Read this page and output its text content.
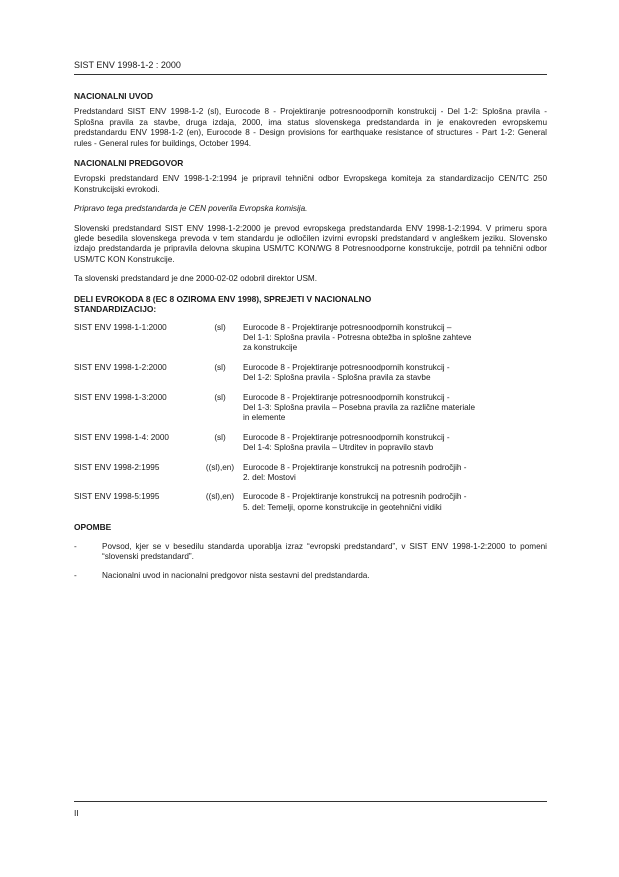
SIST ENV 1998-1-2 : 2000
NACIONALNI UVOD

Predstandard SIST ENV 1998-1-2 (sl), Eurocode 8 - Projektiranje potresnoodpornih konstrukcij - Del 1-2: Splošna pravila - Splošna pravila za stavbe, druga izdaja, 2000, ima status slovenskega predstandarda in je enakovreden evropskemu predstandardu ENV 1998-1-2 (en), Eurocode 8 - Design provisions for earthquake resistance of structures - Part 1-2: General rules - General rules for buildings, October 1994.

NACIONALNI PREDGOVOR

Evropski predstandard ENV 1998-1-2:1994 je pripravil tehnični odbor Evropskega komiteja za standardizacijo CEN/TC 250 Konstrukcijski evrokodi.

Pripravo tega predstandarda je CEN poverila Evropska komisija.

Slovenski predstandard SIST ENV 1998-1-2:2000 je prevod evropskega predstandarda ENV 1998-1-2:1994. V primeru spora glede besedila slovenskega prevoda v tem standardu je odločilen izvirni evropski predstandard v angleškem jeziku. Slovensko izdajo predstandarda je pripravila delovna skupina USM/TC KON/WG 8 Potresnoodporne konstrukcije, potrdil pa tehnični odbor USM/TC KON Konstrukcije.

Ta slovenski predstandard je dne 2000-02-02 odobril direktor USM.

DELI EVROKODA 8 (EC 8 OZIROMA ENV 1998), SPREJETI V NACIONALNO
STANDARDIZACIJO:
SIST ENV 1998-1-1:2000	(sl)	Eurocode 8 - Projektiranje potresnoodpornih konstrukcij –
Del 1-1: Splošna pravila - Potresna obtežba in splošne zahteve
za konstrukcije
SIST ENV 1998-1-2:2000	(sl)	Eurocode 8 - Projektiranje potresnoodpornih konstrukcij -
Del 1-2: Splošna pravila - Splošna pravila za stavbe
SIST ENV 1998-1-3:2000	(sl)	Eurocode 8 - Projektiranje potresnoodpornih konstrukcij -
Del 1-3: Splošna pravila – Posebna pravila za različne materiale
in elemente
SIST ENV 1998-1-4: 2000	(sl)	Eurocode 8 - Projektiranje potresnoodpornih konstrukcij -
Del 1-4: Splošna pravila – Utrditev in popravilo stavb
SIST ENV 1998-2:1995	((sl),en)	Eurocode 8 - Projektiranje konstrukcij na potresnih področjih -
2. del: Mostovi
SIST ENV 1998-5:1995	((sl),en)	Eurocode 8 - Projektiranje konstrukcij na potresnih področjih -
5. del: Temelji, oporne konstrukcije in geotehnični vidiki
OPOMBE
-	Povsod, kjer se v besedilu standarda uporablja izraz “evropski predstandard”, v SIST ENV 1998-1-2:2000 to pomeni “slovenski predstandard”.
-	Nacionalni uvod in nacionalni predgovor nista sestavni del predstandarda.
II
